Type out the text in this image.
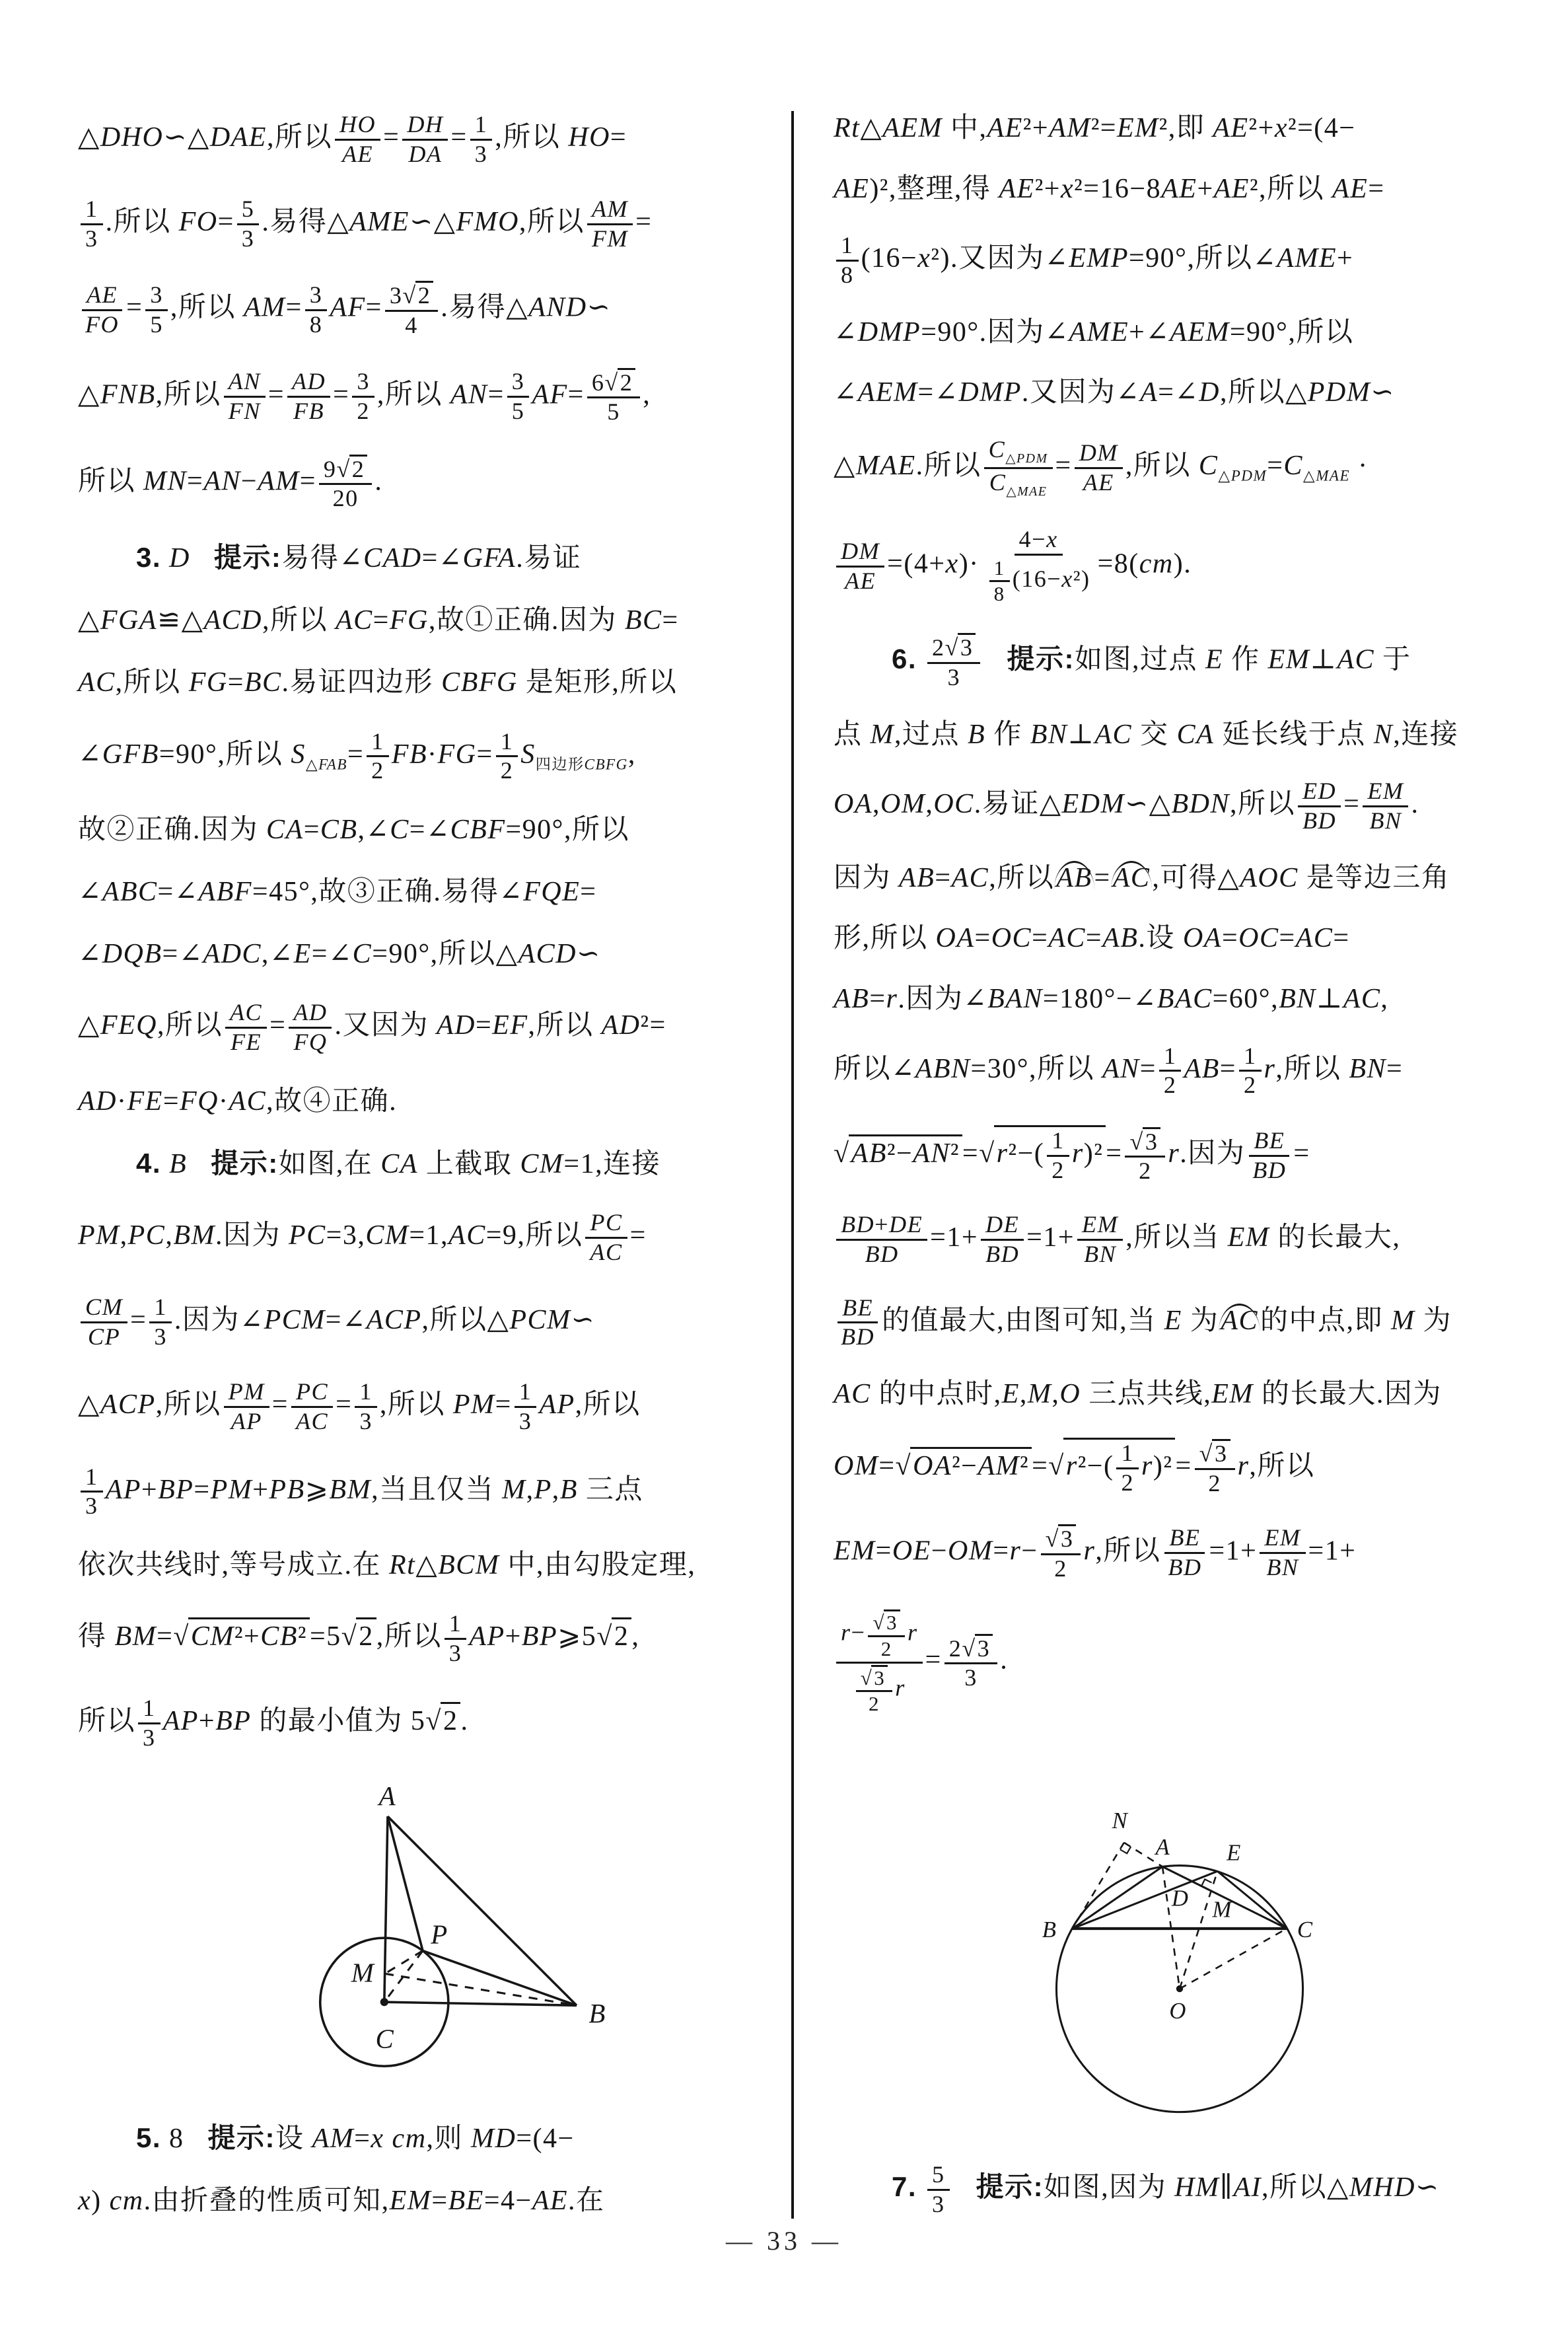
△DHO∽△DAE,所以 $\frac{HO}{AE} = \frac{DH}{DA} = \frac{1}{3}$ ,所以 HO=
$\frac{1}{3}$ .所以 $FO= \frac{5}{3}$ .易得△AME∽△FMO,所以 $\frac{AM}{FM}$ =
$\frac{AE}{FO} = \frac{3}{5}$ ,所以 $AM= \frac{3}{8} AF= \frac{3√2}{4}$ .易得△AND∽
△FNB,所以 $\frac{AN}{FN} = \frac{AD}{FB} = \frac{3}{2}$ ,所以 $AN= \frac{3}{5} AF= \frac{6√2}{5}$ ,
所以 $MN=AN-AM= \frac{9√2}{20}$ .
3. D 提示:易得∠CAD=∠GFA.易证
△FGA≌△ACD,所以 AC=FG,故①正确.因为 BC=
AC,所以 FG=BC.易证四边形 CBFG 是矩形,所以
∠GFB=90°,所以 $S_{\triangle FAB}= \frac{1}{2} FB\cdot FG= \frac{1}{2} S_{四边形CBFG}$,
故②正确.因为 CA=CB,∠C=∠CBF=90°,所以
∠ABC=∠ABF=45°,故③正确.易得∠FQE=
∠DQB=∠ADC,∠E=∠C=90°,所以△ACD∽
△FEQ,所以 $\frac{AC}{FE} = \frac{AD}{FQ}$ .又因为 AD=EF,所以 AD²=
AD·FE=FQ·AC,故④正确.
4. B 提示:如图,在 CA 上截取 CM=1,连接
PM,PC,BM.因为 PC=3,CM=1,AC=9,所以 $\frac{PC}{AC}$ =
$\frac{CM}{CP} = \frac{1}{3}$ .因为∠PCM=∠ACP,所以△PCM∽
△ACP,所以 $\frac{PM}{AP} = \frac{PC}{AC} = \frac{1}{3}$ ,所以 $PM= \frac{1}{3}$ AP,所以
$\frac{1}{3}$ AP+BP=PM+PB⩾BM,当且仅当 M,P,B 三点
依次共线时,等号成立.在 Rt△BCM 中,由勾股定理,
得 BM=√CM²+CB²=5√2,所以 $\frac{1}{3}$ AP+BP⩾5√2,
所以 $\frac{1}{3} AP+BP$ 的最小值为 5√2.
A
P
M
C
B
5. 8   提示:设 AM=x cm,则 MD=(4−
x) cm.由折叠的性质可知,EM=BE=4−AE.在
Rt△AEM 中,AE²+AM²=EM²,即 AE²+x²=(4−
AE)²,整理,得 AE²+x²=16−8AE+AE²,所以 AE=
$\frac{1}{8} (16-x^2)$.又因为∠EMP=90°,所以∠AME+
∠DMP=90°.因为∠AME+∠AEM=90°,所以
∠AEM=∠DMP.又因为∠A=∠D,所以△PDM∽
△MAE.所以
$C_{\triangle PDM}$
$C_{\triangle MAE}$
= $\frac{DM}{AE}$ ,所以 $C_{\triangle PDM}=C_{\triangle MAE}$ ·
$\frac{DM}{AE} =(4+x)\cdot \frac{4-x}{\frac{1}{8} (16-x^2)} =8(cm)$.
6. $\frac{2√3}{3}$ 提示:如图,过点 E 作 EM⊥AC 于
点 M,过点 B 作 BN⊥AC 交 CA 延长线于点 N,连接
OA,OM,OC.易证△EDM∽△BDN,所以 $\frac{ED}{BD} = \frac{EM}{BN}$ .
因为 AB=AC,所以AB=AC,可得△AOC 是等边三角
形,所以 OA=OC=AC=AB.设 OA=OC=AC=
AB=r.因为∠BAN=180°−∠BAC=60°,BN⊥AC,
所以∠ABN=30°,所以 $AN= \frac{1}{2} AB= \frac{1}{2} r$,所以 BN=
$√AB^2-AN^2=√r^2-( \frac{1}{2} r)^2= \frac{√3}{2} r$.因为 $\frac{BE}{BD}$ =
$\frac{BD+DE}{BD} =1+ \frac{DE}{BD} =1+ \frac{EM}{BN}$ ,所以当 EM 的长最大,
$\frac{BE}{BD}$ 的值最大,由图可知,当 E 为AC的中点,即 M 为
AC 的中点时,E,M,O 三点共线,EM 的长最大.因为
$OM=√OA^2-AM^2=√r^2-( \frac{1}{2} r)^2= \frac{√3}{2} r$,所以
$EM=OE-OM=r- \frac{√3}{2} r$,所以 $\frac{BE}{BD} =1+ \frac{EM}{BN} =1+$
$\frac{r- \frac{√3}{2} r}{\frac{√3}{2} r} = \frac{2√3}{3}$ .
N
A E
B	C
D M
O
7. $\frac{5}{3}$ 提示:如图,因为 HM∥AI,所以△MHD∽
— 33 —
